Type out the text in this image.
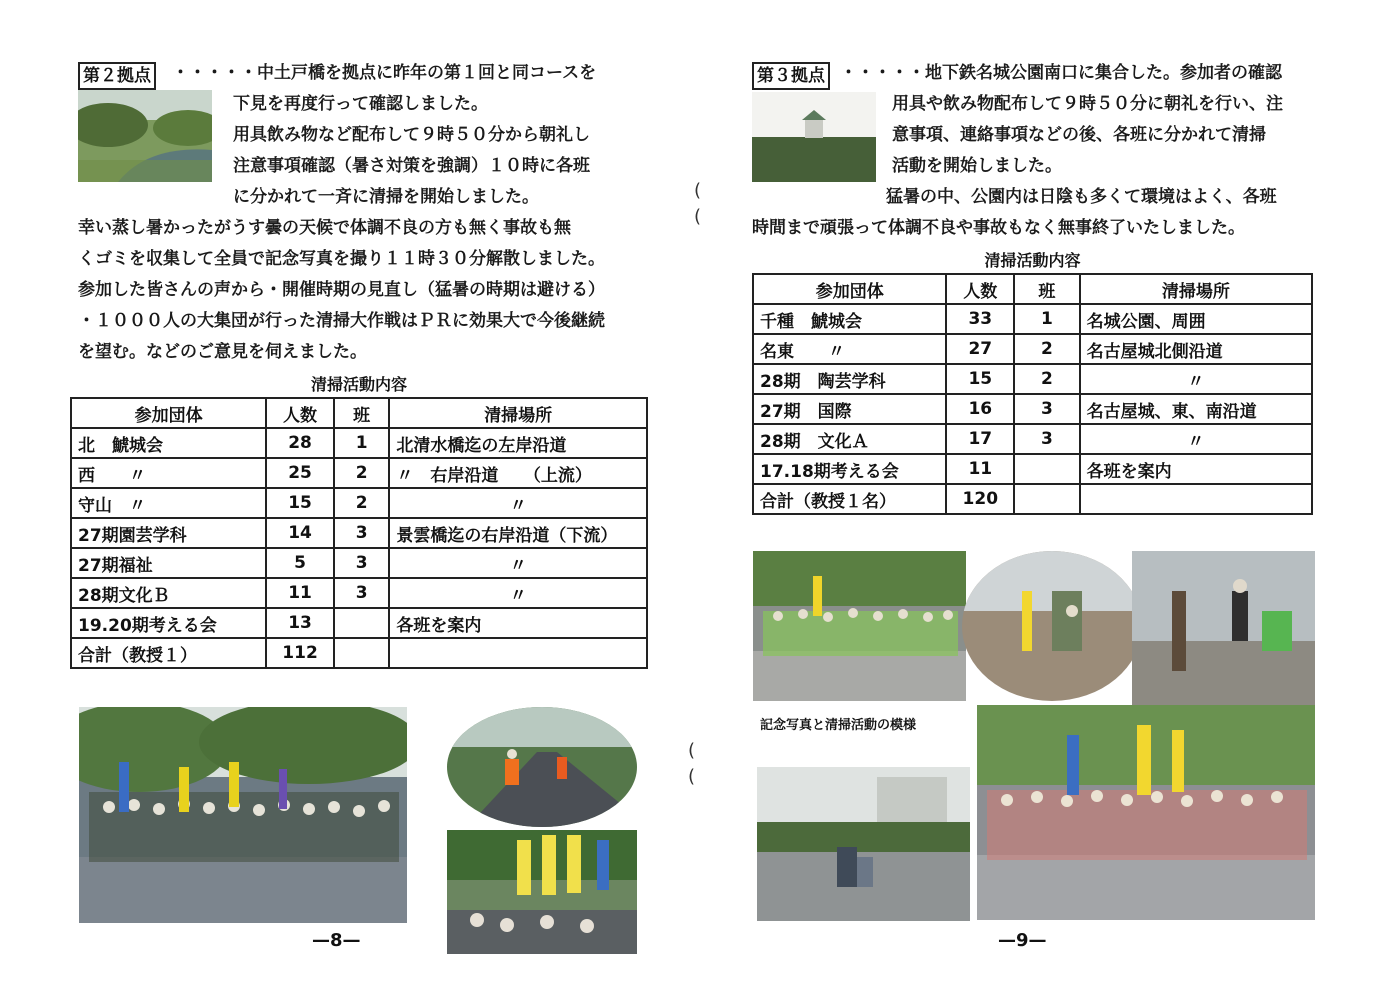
第２拠点 ・・・・・中土戸橋を拠点に昨年の第１回と同コースを
下見を再度行って確認しました。
用具飲み物など配布して９時５０分から朝礼し
注意事項確認（暑さ対策を強調）１０時に各班
に分かれて一斉に清掃を開始しました。
幸い蒸し暑かったがうす曇の天候で体調不良の方も無く事故も無
くゴミを収集して全員で記念写真を撮り１１時３０分解散しました。
参加した皆さんの声から・開催時期の見直し（猛暑の時期は避ける）
・１０００人の大集団が行った清掃大作戦はＰＲに効果大で今後継続
を望む。などのご意見を伺えました。
清掃活動内容
参加団体	人数	班	清掃場所
北　鯱城会	28	1	北清水橋迄の左岸沿道
西　　〃	25	2	〃　右岸沿道　　（上流）
守山　〃	15	2	〃
27期園芸学科	14	3	景雲橋迄の右岸沿道（下流）
27期福祉	5	3	〃
28期文化Ｂ	11	3	〃
19.20期考える会	13		各班を案内
合計（教授１）	112		
—8—
(
(
(
(
第３拠点 ・・・・・地下鉄名城公園南口に集合した。参加者の確認
用具や飲み物配布して９時５０分に朝礼を行い、注
意事項、連絡事項などの後、各班に分かれて清掃
活動を開始しました。
猛暑の中、公園内は日陰も多くて環境はよく、各班
時間まで頑張って体調不良や事故もなく無事終了いたしました。
清掃活動内容
参加団体	人数	班	清掃場所
千種　鯱城会	33	1	名城公園、周囲
名東　　〃	27	2	名古屋城北側沿道
28期　陶芸学科	15	2	〃
27期　国際	16	3	名古屋城、東、南沿道
28期　文化Ａ	17	3	〃
17.18期考える会	11		各班を案内
合計（教授１名）	120		
記念写真と清掃活動の模様
—9—
